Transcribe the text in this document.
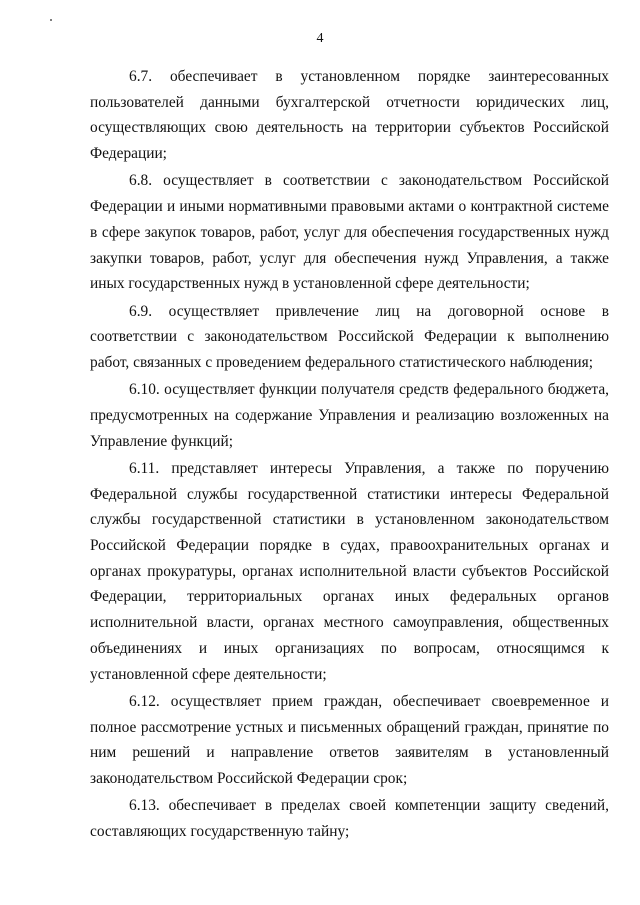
4

6.7. обеспечивает в установленном порядке заинтересованных пользователей данными бухгалтерской отчетности юридических лиц, осуществляющих свою деятельность на территории субъектов Российской Федерации;

6.8. осуществляет в соответствии с законодательством Российской Федерации и иными нормативными правовыми актами о контрактной системе в сфере закупок товаров, работ, услуг для обеспечения государственных нужд закупки товаров, работ, услуг для обеспечения нужд Управления, а также иных государственных нужд в установленной сфере деятельности;

6.9. осуществляет привлечение лиц на договорной основе в соответствии с законодательством Российской Федерации к выполнению работ, связанных с проведением федерального статистического наблюдения;

6.10. осуществляет функции получателя средств федерального бюджета, предусмотренных на содержание Управления и реализацию возложенных на Управление функций;

6.11. представляет интересы Управления, а также по поручению Федеральной службы государственной статистики интересы Федеральной службы государственной статистики в установленном законодательством Российской Федерации порядке в судах, правоохранительных органах и органах прокуратуры, органах исполнительной власти субъектов Российской Федерации, территориальных органах иных федеральных органов исполнительной власти, органах местного самоуправления, общественных объединениях и иных организациях по вопросам, относящимся к установленной сфере деятельности;

6.12. осуществляет прием граждан, обеспечивает своевременное и полное рассмотрение устных и письменных обращений граждан, принятие по ним решений и направление ответов заявителям в установленный законодательством Российской Федерации срок;

6.13. обеспечивает в пределах своей компетенции защиту сведений, составляющих государственную тайну;
